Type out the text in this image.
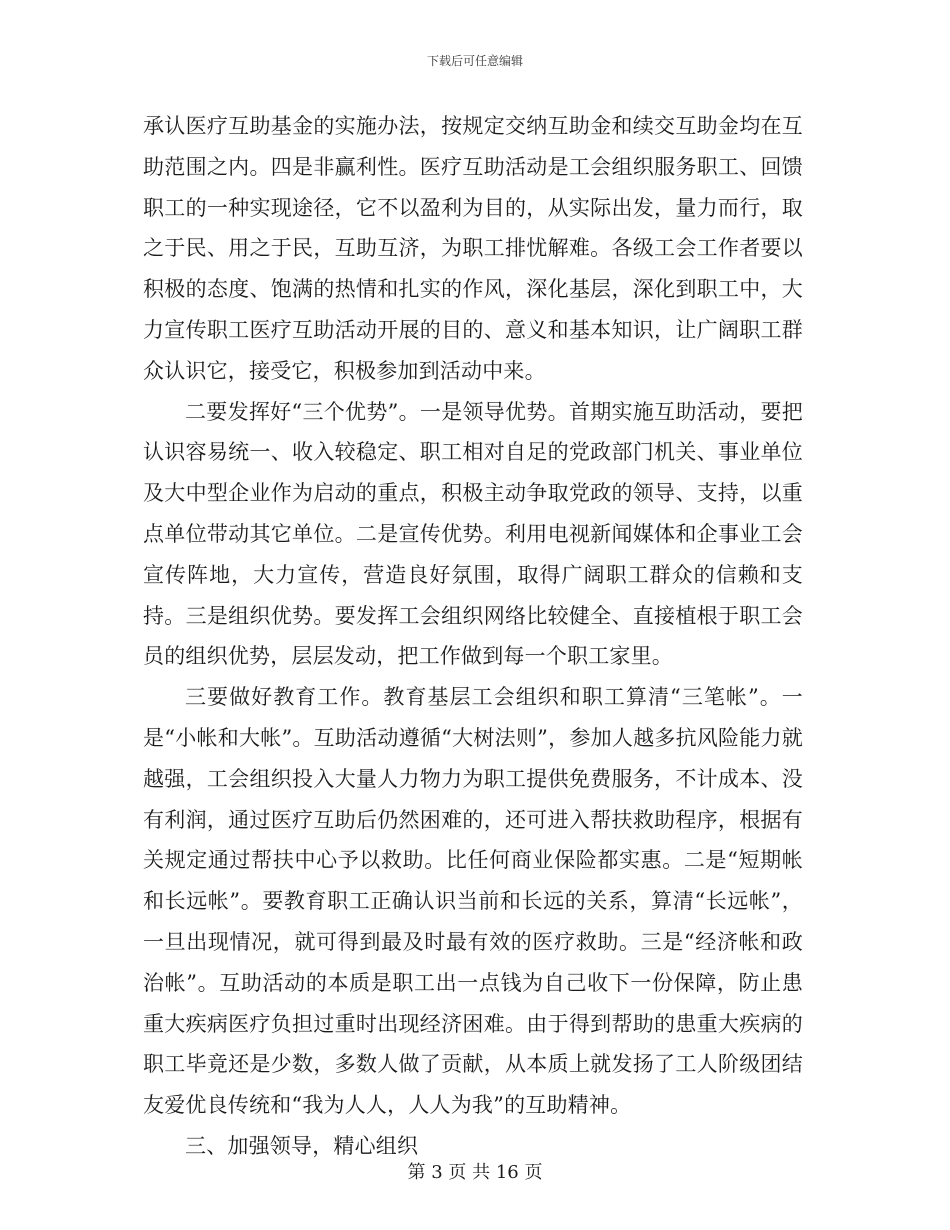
下载后可任意编辑

承认医疗互助基金的实施办法，按规定交纳互助金和续交互助金均在互助范围之内。四是非赢利性。医疗互助活动是工会组织服务职工、回馈职工的一种实现途径，它不以盈利为目的，从实际出发，量力而行，取之于民、用之于民，互助互济，为职工排忧解难。各级工会工作者要以积极的态度、饱满的热情和扎实的作风，深化基层，深化到职工中，大力宣传职工医疗互助活动开展的目的、意义和基本知识，让广阔职工群众认识它，接受它，积极参加到活动中来。

二要发挥好“三个优势”。一是领导优势。首期实施互助活动，要把认识容易统一、收入较稳定、职工相对自足的党政部门机关、事业单位及大中型企业作为启动的重点，积极主动争取党政的领导、支持，以重点单位带动其它单位。二是宣传优势。利用电视新闻媒体和企事业工会宣传阵地，大力宣传，营造良好氛围，取得广阔职工群众的信赖和支持。三是组织优势。要发挥工会组织网络比较健全、直接植根于职工会员的组织优势，层层发动，把工作做到每一个职工家里。

三要做好教育工作。教育基层工会组织和职工算清“三笔帐”。一是“小帐和大帐”。互助活动遵循“大树法则”，参加人越多抗风险能力就越强，工会组织投入大量人力物力为职工提供免费服务，不计成本、没有利润，通过医疗互助后仍然困难的，还可进入帮扶救助程序，根据有关规定通过帮扶中心予以救助。比任何商业保险都实惠。二是“短期帐和长远帐”。要教育职工正确认识当前和长远的关系，算清“长远帐”，一旦出现情况，就可得到最及时最有效的医疗救助。三是“经济帐和政治帐”。互助活动的本质是职工出一点钱为自己收下一份保障，防止患重大疾病医疗负担过重时出现经济困难。由于得到帮助的患重大疾病的职工毕竟还是少数，多数人做了贡献，从本质上就发扬了工人阶级团结友爱优良传统和“我为人人，人人为我”的互助精神。

三、加强领导，精心组织

第 3 页 共 16 页
